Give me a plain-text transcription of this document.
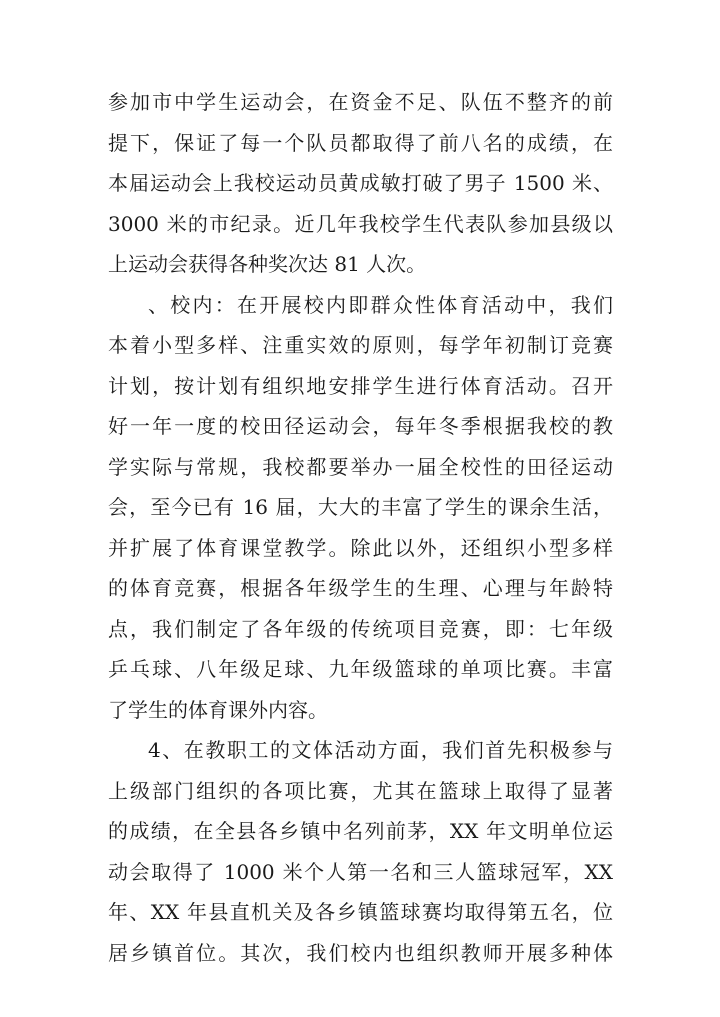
参加市中学生运动会，在资金不足、队伍不整齐的前
提下，保证了每一个队员都取得了前八名的成绩，在
本届运动会上我校运动员黄成敏打破了男子 1500 米、
3000 米的市纪录。近几年我校学生代表队参加县级以
上运动会获得各种奖次达 81 人次。
、校内：在开展校内即群众性体育活动中，我们
本着小型多样、注重实效的原则，每学年初制订竞赛
计划，按计划有组织地安排学生进行体育活动。召开
好一年一度的校田径运动会，每年冬季根据我校的教
学实际与常规，我校都要举办一届全校性的田径运动
会，至今已有 16 届，大大的丰富了学生的课余生活，
并扩展了体育课堂教学。除此以外，还组织小型多样
的体育竞赛，根据各年级学生的生理、心理与年龄特
点，我们制定了各年级的传统项目竞赛，即：七年级
乒乓球、八年级足球、九年级篮球的单项比赛。丰富
了学生的体育课外内容。
4、在教职工的文体活动方面，我们首先积极参与
上级部门组织的各项比赛，尤其在篮球上取得了显著
的成绩，在全县各乡镇中名列前茅，XX 年文明单位运
动会取得了 1000 米个人第一名和三人篮球冠军，XX
年、XX 年县直机关及各乡镇篮球赛均取得第五名，位
居乡镇首位。其次，我们校内也组织教师开展多种体
